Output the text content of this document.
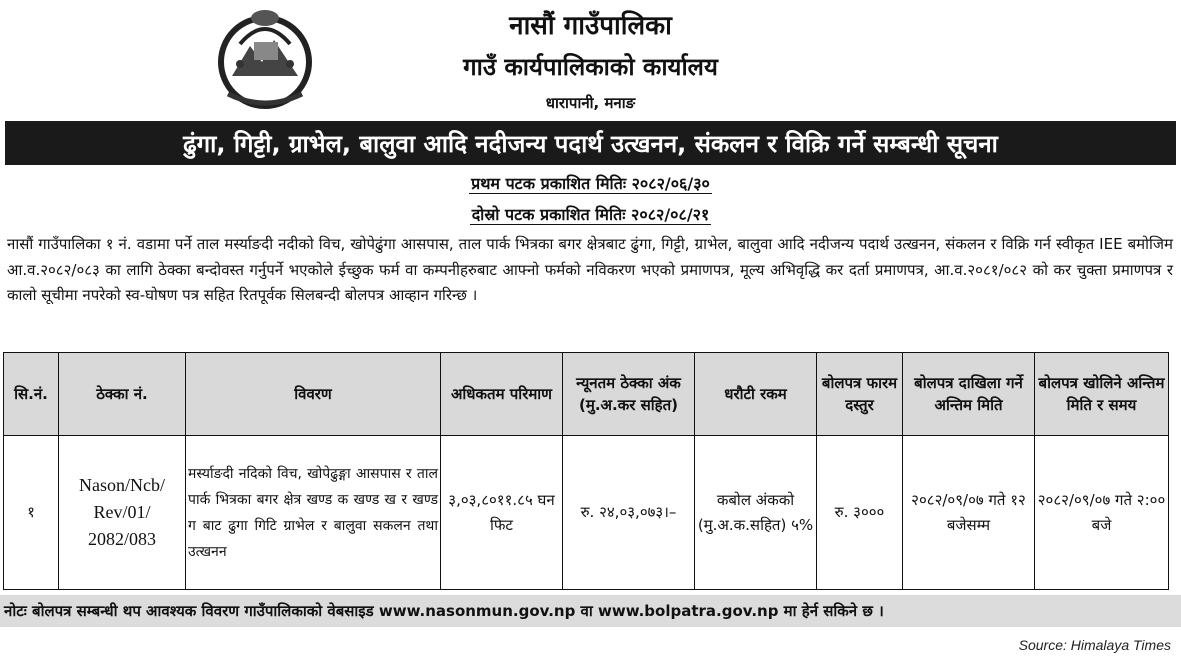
नासौं गाउँपालिका
गाउँ कार्यपालिकाको कार्यालय
धारापानी, मनाङ
ढुंगा, गिट्टी, ग्राभेल, बालुवा आदि नदीजन्य पदार्थ उत्खनन, संकलन र विक्रि गर्ने सम्बन्धी सूचना
प्रथम पटक प्रकाशित मितिः २०८२/०६/३०
दोस्रो पटक प्रकाशित मितिः २०८२/०८/२१
नासौं गाउँपालिका १ नं. वडामा पर्ने ताल मर्स्याङदी नदीको विच, खोपेढुंगा आसपास, ताल पार्क भित्रका बगर क्षेत्रबाट ढुंगा, गिट्टी, ग्राभेल, बालुवा आदि नदीजन्य पदार्थ उत्खनन, संकलन र विक्रि गर्न स्वीकृत IEE बमोजिम आ.व.२०८२/०८३ का लागि ठेक्का बन्दोवस्त गर्नुपर्ने भएकोले ईच्छुक फर्म वा कम्पनीहरुबाट आफ्नो फर्मको नविकरण भएको प्रमाणपत्र, मूल्य अभिवृद्धि कर दर्ता प्रमाणपत्र, आ.व.२०८१/०८२ को कर चुक्ता प्रमाणपत्र र कालो सूचीमा नपरेको स्व-घोषण पत्र सहित रितपूर्वक सिलबन्दी बोलपत्र आव्हान गरिन्छ ।
सि.नं.	ठेक्का नं.	विवरण	अधिकतम परिमाण	न्यूनतम ठेक्का अंक (मु.अ.कर सहित)	धरौटी रकम	बोलपत्र फारम दस्तुर	बोलपत्र दाखिला गर्ने अन्तिम मिति	बोलपत्र खोलिने अन्तिम मिति र समय
१	Nason/Ncb/ Rev/01/ 2082/083	मर्स्याङदी नदिको विच, खोपेढुङ्गा आसपास र ताल पार्क भित्रका बगर क्षेत्र खण्ड क खण्ड ख र खण्ड ग बाट ढुगा गिटि ग्राभेल र बालुवा सकलन तथा उत्खनन	३,०३,८०११.८५ घन फिट	रु. २४,०३,०७३।–	कबोल अंकको (मु.अ.क.सहित) ५%	रु. ३०००	२०८२/०९/०७ गते १२ बजेसम्म	२०८२/०९/०७ गते २:०० बजे
नोटः बोलपत्र सम्बन्धी थप आवश्यक विवरण गाउँपालिकाको वेबसाइड www.nasonmun.gov.np वा www.bolpatra.gov.np मा हेर्न सकिने छ ।
Source: Himalaya Times
